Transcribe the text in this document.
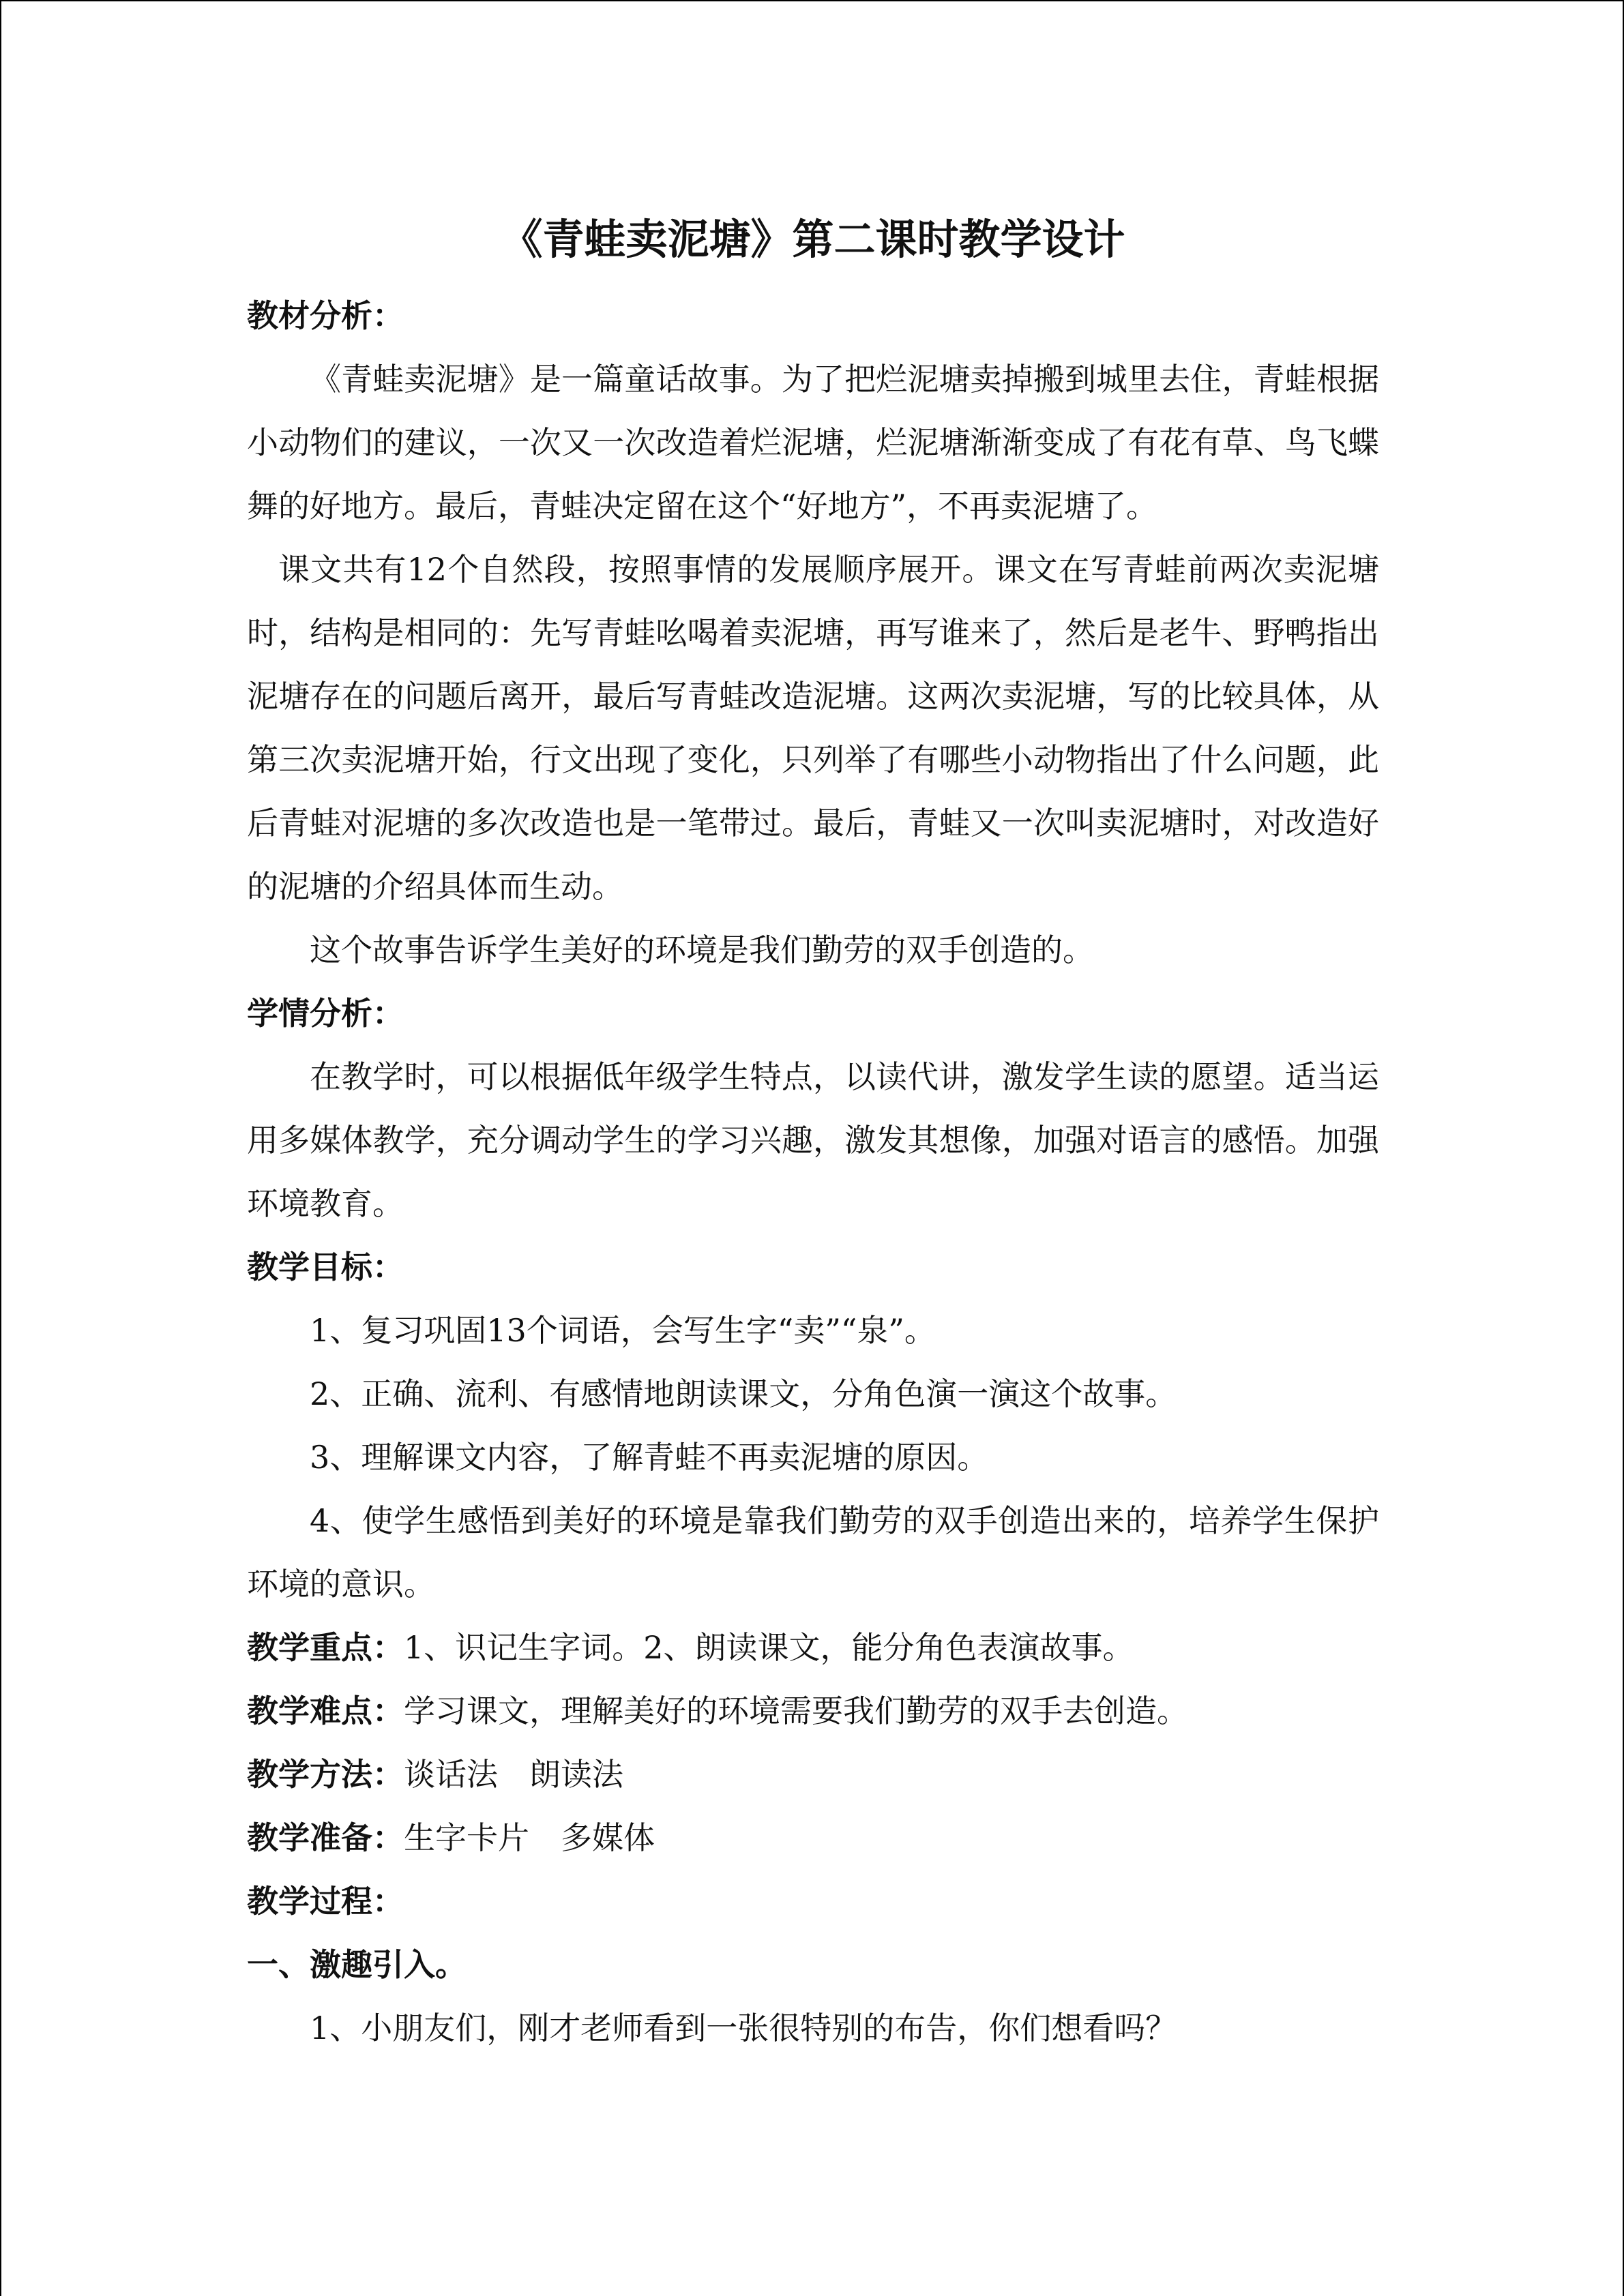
《青蛙卖泥塘》第二课时教学设计

教材分析：

《青蛙卖泥塘》是一篇童话故事。为了把烂泥塘卖掉搬到城里去住，青蛙根据小动物们的建议，一次又一次改造着烂泥塘，烂泥塘渐渐变成了有花有草、鸟飞蝶舞的好地方。最后，青蛙决定留在这个“好地方”，不再卖泥塘了。

课文共有12个自然段，按照事情的发展顺序展开。课文在写青蛙前两次卖泥塘时，结构是相同的：先写青蛙吆喝着卖泥塘，再写谁来了，然后是老牛、野鸭指出泥塘存在的问题后离开，最后写青蛙改造泥塘。这两次卖泥塘，写的比较具体，从第三次卖泥塘开始，行文出现了变化，只列举了有哪些小动物指出了什么问题，此后青蛙对泥塘的多次改造也是一笔带过。最后，青蛙又一次叫卖泥塘时，对改造好的泥塘的介绍具体而生动。

这个故事告诉学生美好的环境是我们勤劳的双手创造的。

学情分析：

在教学时，可以根据低年级学生特点，以读代讲，激发学生读的愿望。适当运用多媒体教学，充分调动学生的学习兴趣，激发其想像，加强对语言的感悟。加强环境教育。

教学目标：

1、复习巩固13个词语，会写生字“卖”“泉”。

2、正确、流利、有感情地朗读课文，分角色演一演这个故事。

3、理解课文内容，了解青蛙不再卖泥塘的原因。

4、使学生感悟到美好的环境是靠我们勤劳的双手创造出来的，培养学生保护环境的意识。

教学重点：1、识记生字词。2、朗读课文，能分角色表演故事。

教学难点：学习课文，理解美好的环境需要我们勤劳的双手去创造。

教学方法：谈话法　朗读法

教学准备：生字卡片　多媒体

教学过程：

一、激趣引入。

1、小朋友们，刚才老师看到一张很特别的布告，你们想看吗？
